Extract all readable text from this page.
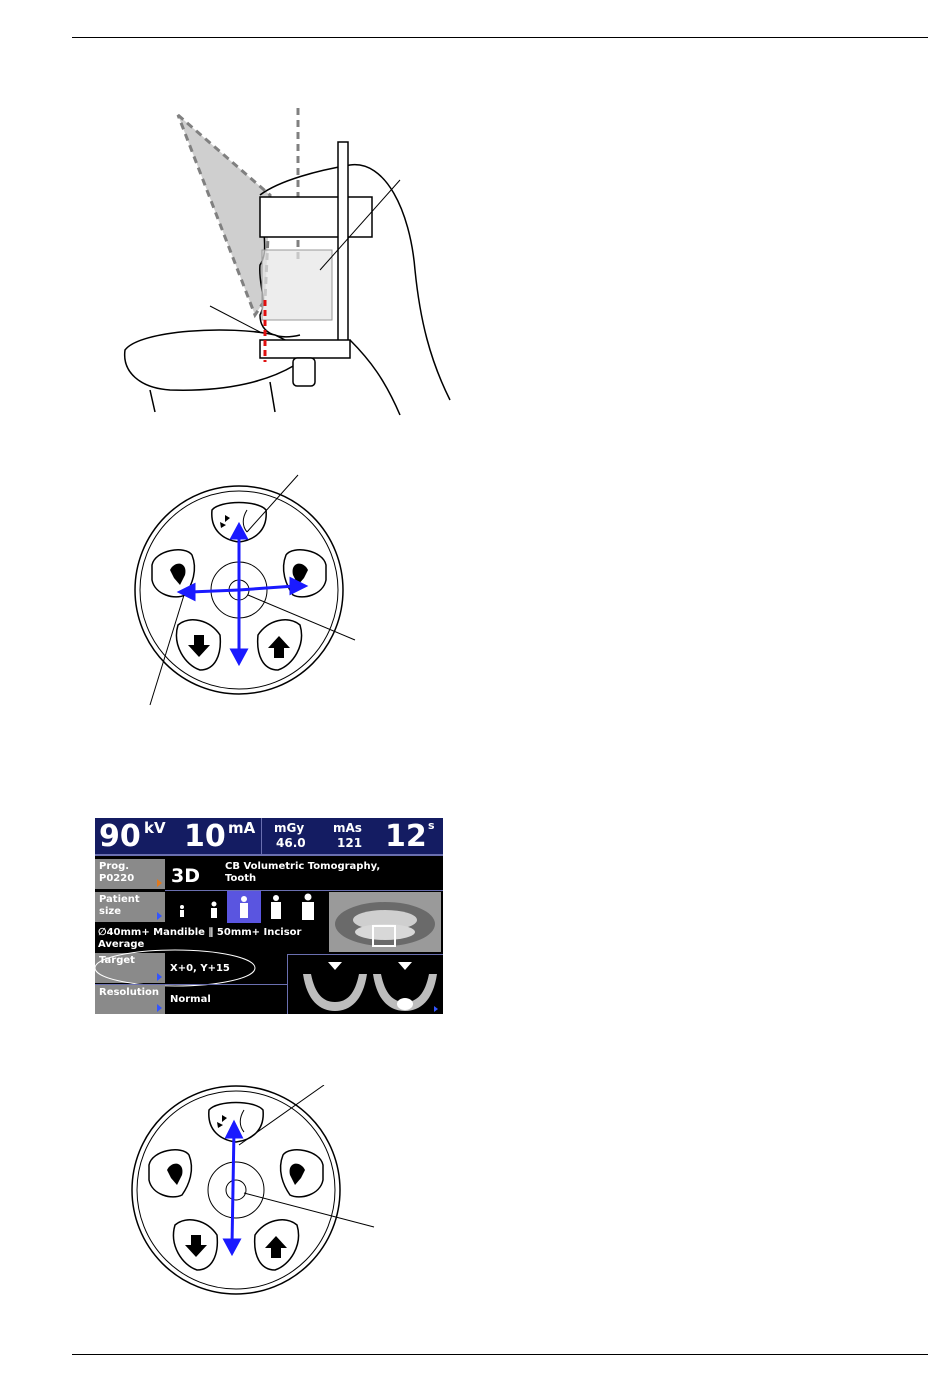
90 kV 10 mA mGy
46.0
mAs
121 12 s
Prog.
P0220	3D	CB Volumetric Tomography,
Tooth
Patient size
∅40mm+ Mandible ∥ 50mm+ Incisor
Average
Target
X+0, Y+15
Resolution
Normal
